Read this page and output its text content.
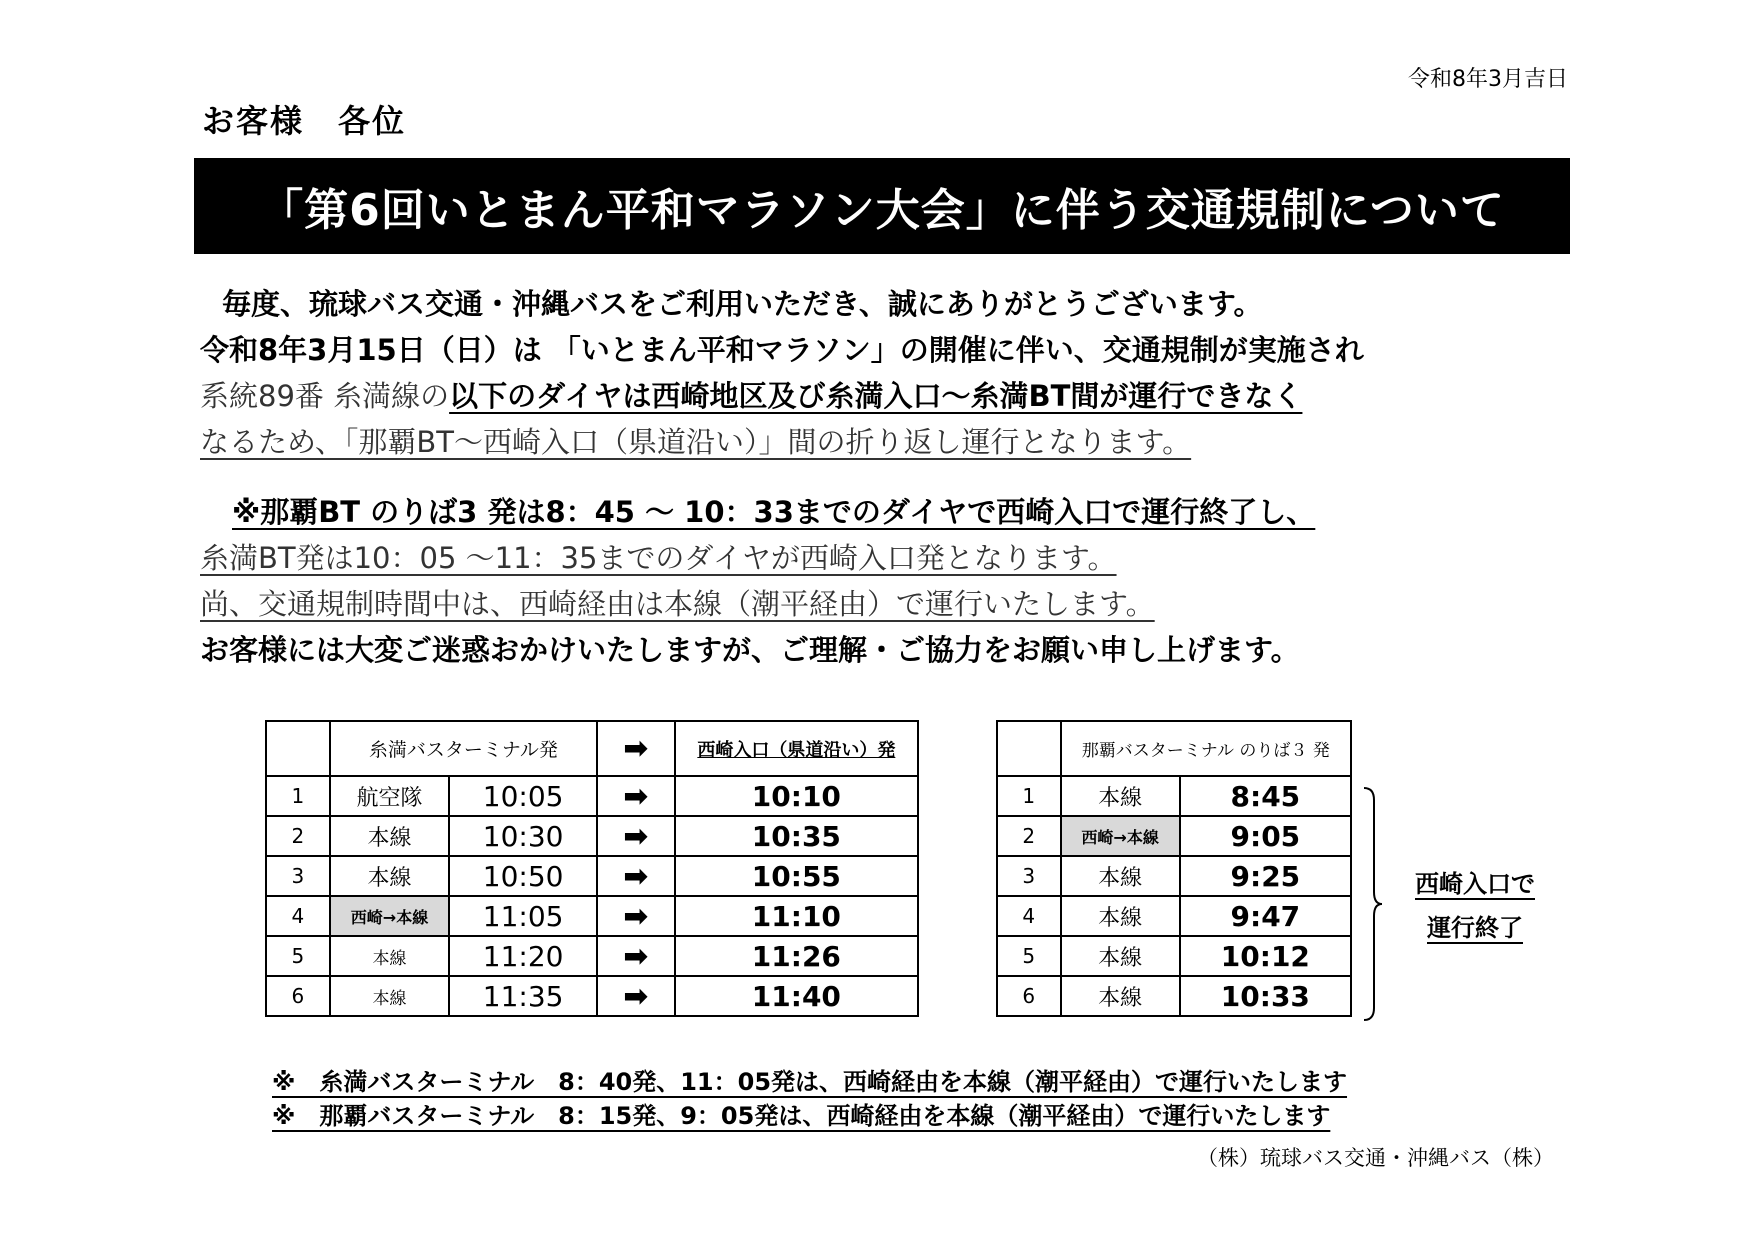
令和8年3月吉日
お客様　各位
「第6回いとまん平和マラソン大会」に伴う交通規制について
毎度、琉球バス交通・沖縄バスをご利用いただき、誠にありがとうございます。
令和8年3月15日（日）は 「いとまん平和マラソン」の開催に伴い、交通規制が実施され
系統89番 糸満線の以下のダイヤは西崎地区及び糸満入口～糸満BT間が運行できなく
なるため、「那覇BT～西崎入口（県道沿い）」間の折り返し運行となります。
※那覇BT のりば3 発は8：45 ～ 10：33までのダイヤで西崎入口で運行終了し、
糸満BT発は10：05 ～11：35までのダイヤが西崎入口発となります。
尚、交通規制時間中は、西崎経由は本線（潮平経由）で運行いたします。
お客様には大変ご迷惑おかけいたしますが、ご理解・ご協力をお願い申し上げます。
	糸満バスターミナル発		➡	西崎入口（県道沿い）発
1	航空隊	10:05	➡	10:10
2	本線	10:30	➡	10:35
3	本線	10:50	➡	10:55
4	西崎→本線	11:05	➡	11:10
5	本線	11:20	➡	11:26
6	本線	11:35	➡	11:40
	那覇バスターミナル のりば３ 発	
1	本線	8:45
2	西崎→本線	9:05
3	本線	9:25
4	本線	9:47
5	本線	10:12
6	本線	10:33
西崎入口で
運行終了
※　糸満バスターミナル　8：40発、11：05発は、西崎経由を本線（潮平経由）で運行いたします
※　那覇バスターミナル　8：15発、9：05発は、西崎経由を本線（潮平経由）で運行いたします
（株）琉球バス交通・沖縄バス（株）
